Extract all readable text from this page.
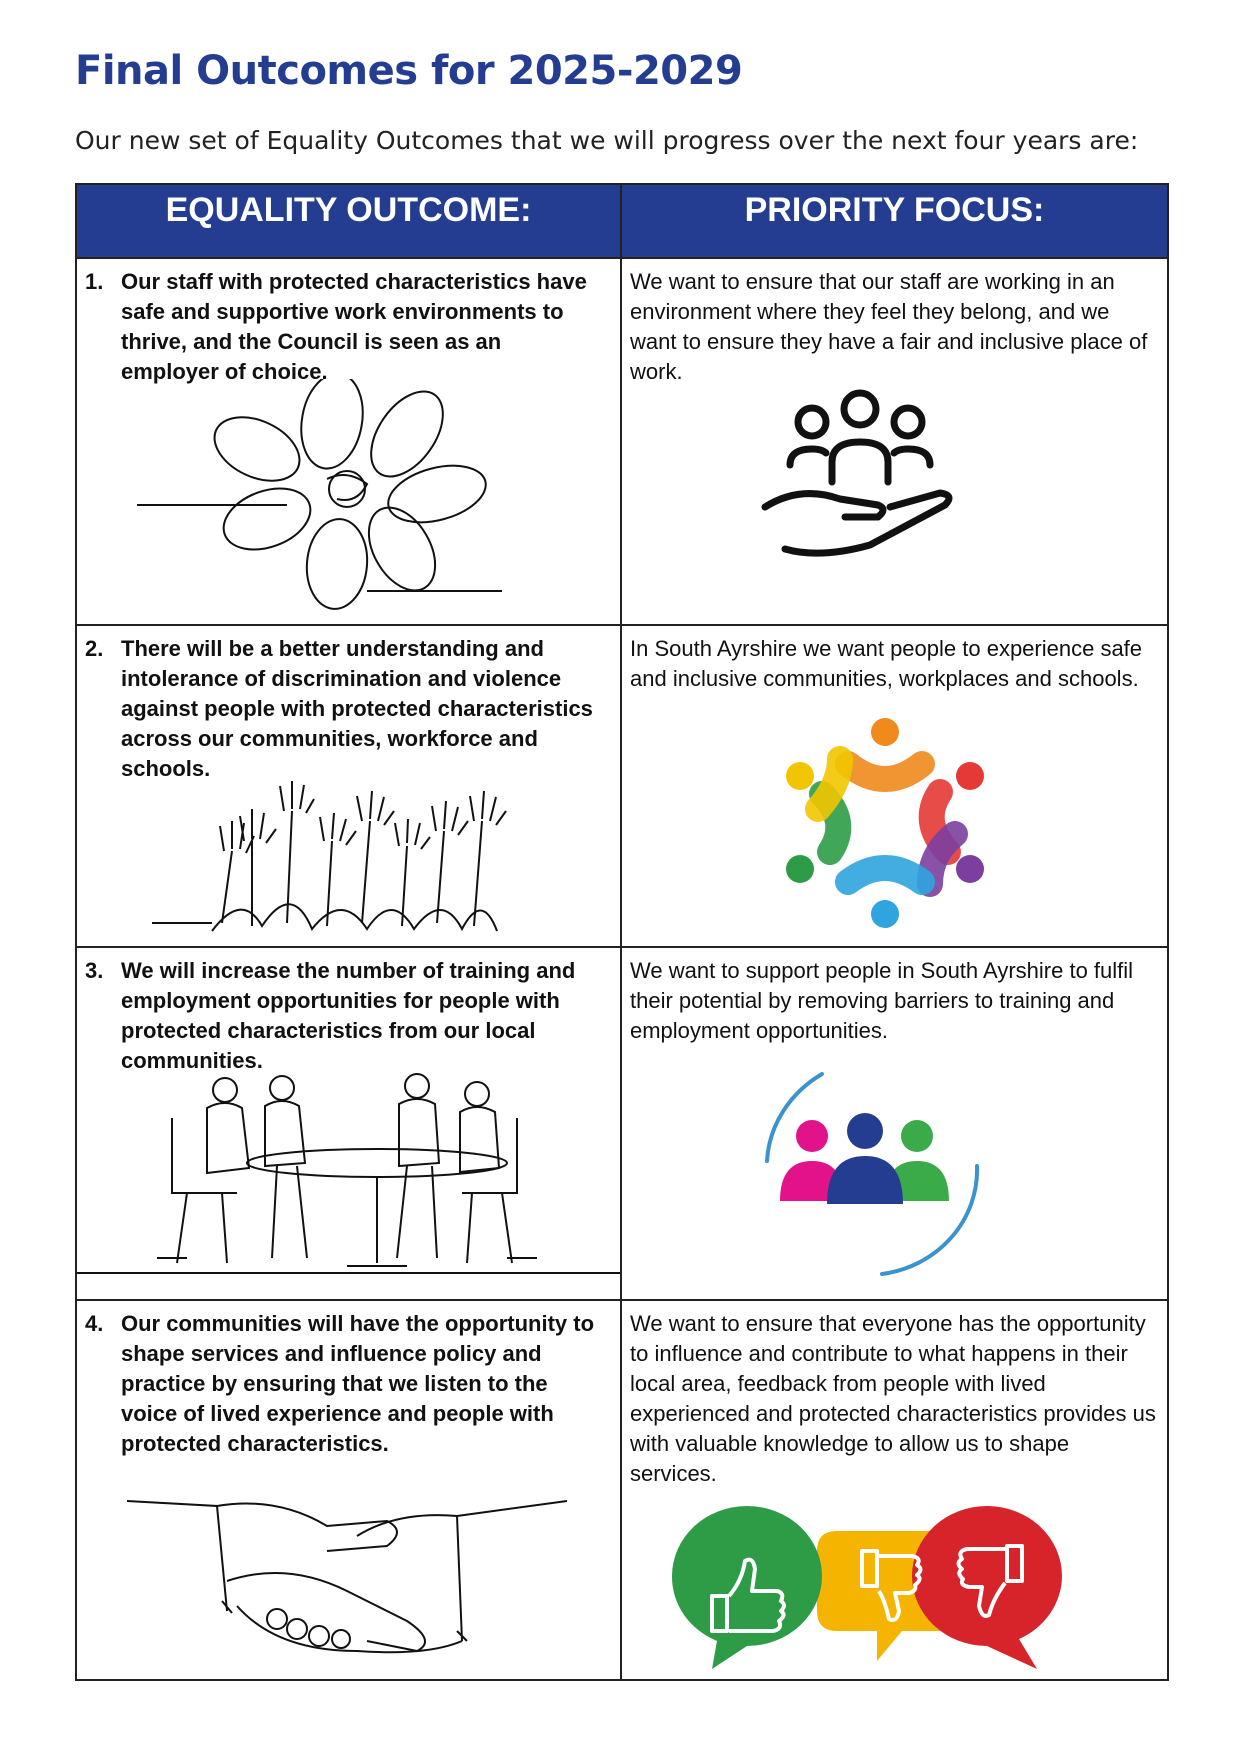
Final Outcomes for 2025-2029

Our new set of Equality Outcomes that we will progress over the next four years are:

EQUALITY OUTCOME:	PRIORITY FOCUS:
1. Our staff with protected characteristics have safe and supportive work environments to thrive, and the Council is seen as an employer of choice.
We want to ensure that our staff are working in an environment where they feel they belong, and we want to ensure they have a fair and inclusive place of work.
2. There will be a better understanding and intolerance of discrimination and violence against people with protected characteristics across our communities, workforce and schools.
In South Ayrshire we want people to experience safe and inclusive communities, workplaces and schools.
3. We will increase the number of training and employment opportunities for people with protected characteristics from our local communities.
We want to support people in South Ayrshire to fulfil their potential by removing barriers to training and employment opportunities.
4. Our communities will have the opportunity to shape services and influence policy and practice by ensuring that we listen to the voice of lived experience and people with protected characteristics.
We want to ensure that everyone has the opportunity to influence and contribute to what happens in their local area, feedback from people with lived experienced and protected characteristics provides us with valuable knowledge to allow us to shape services.
